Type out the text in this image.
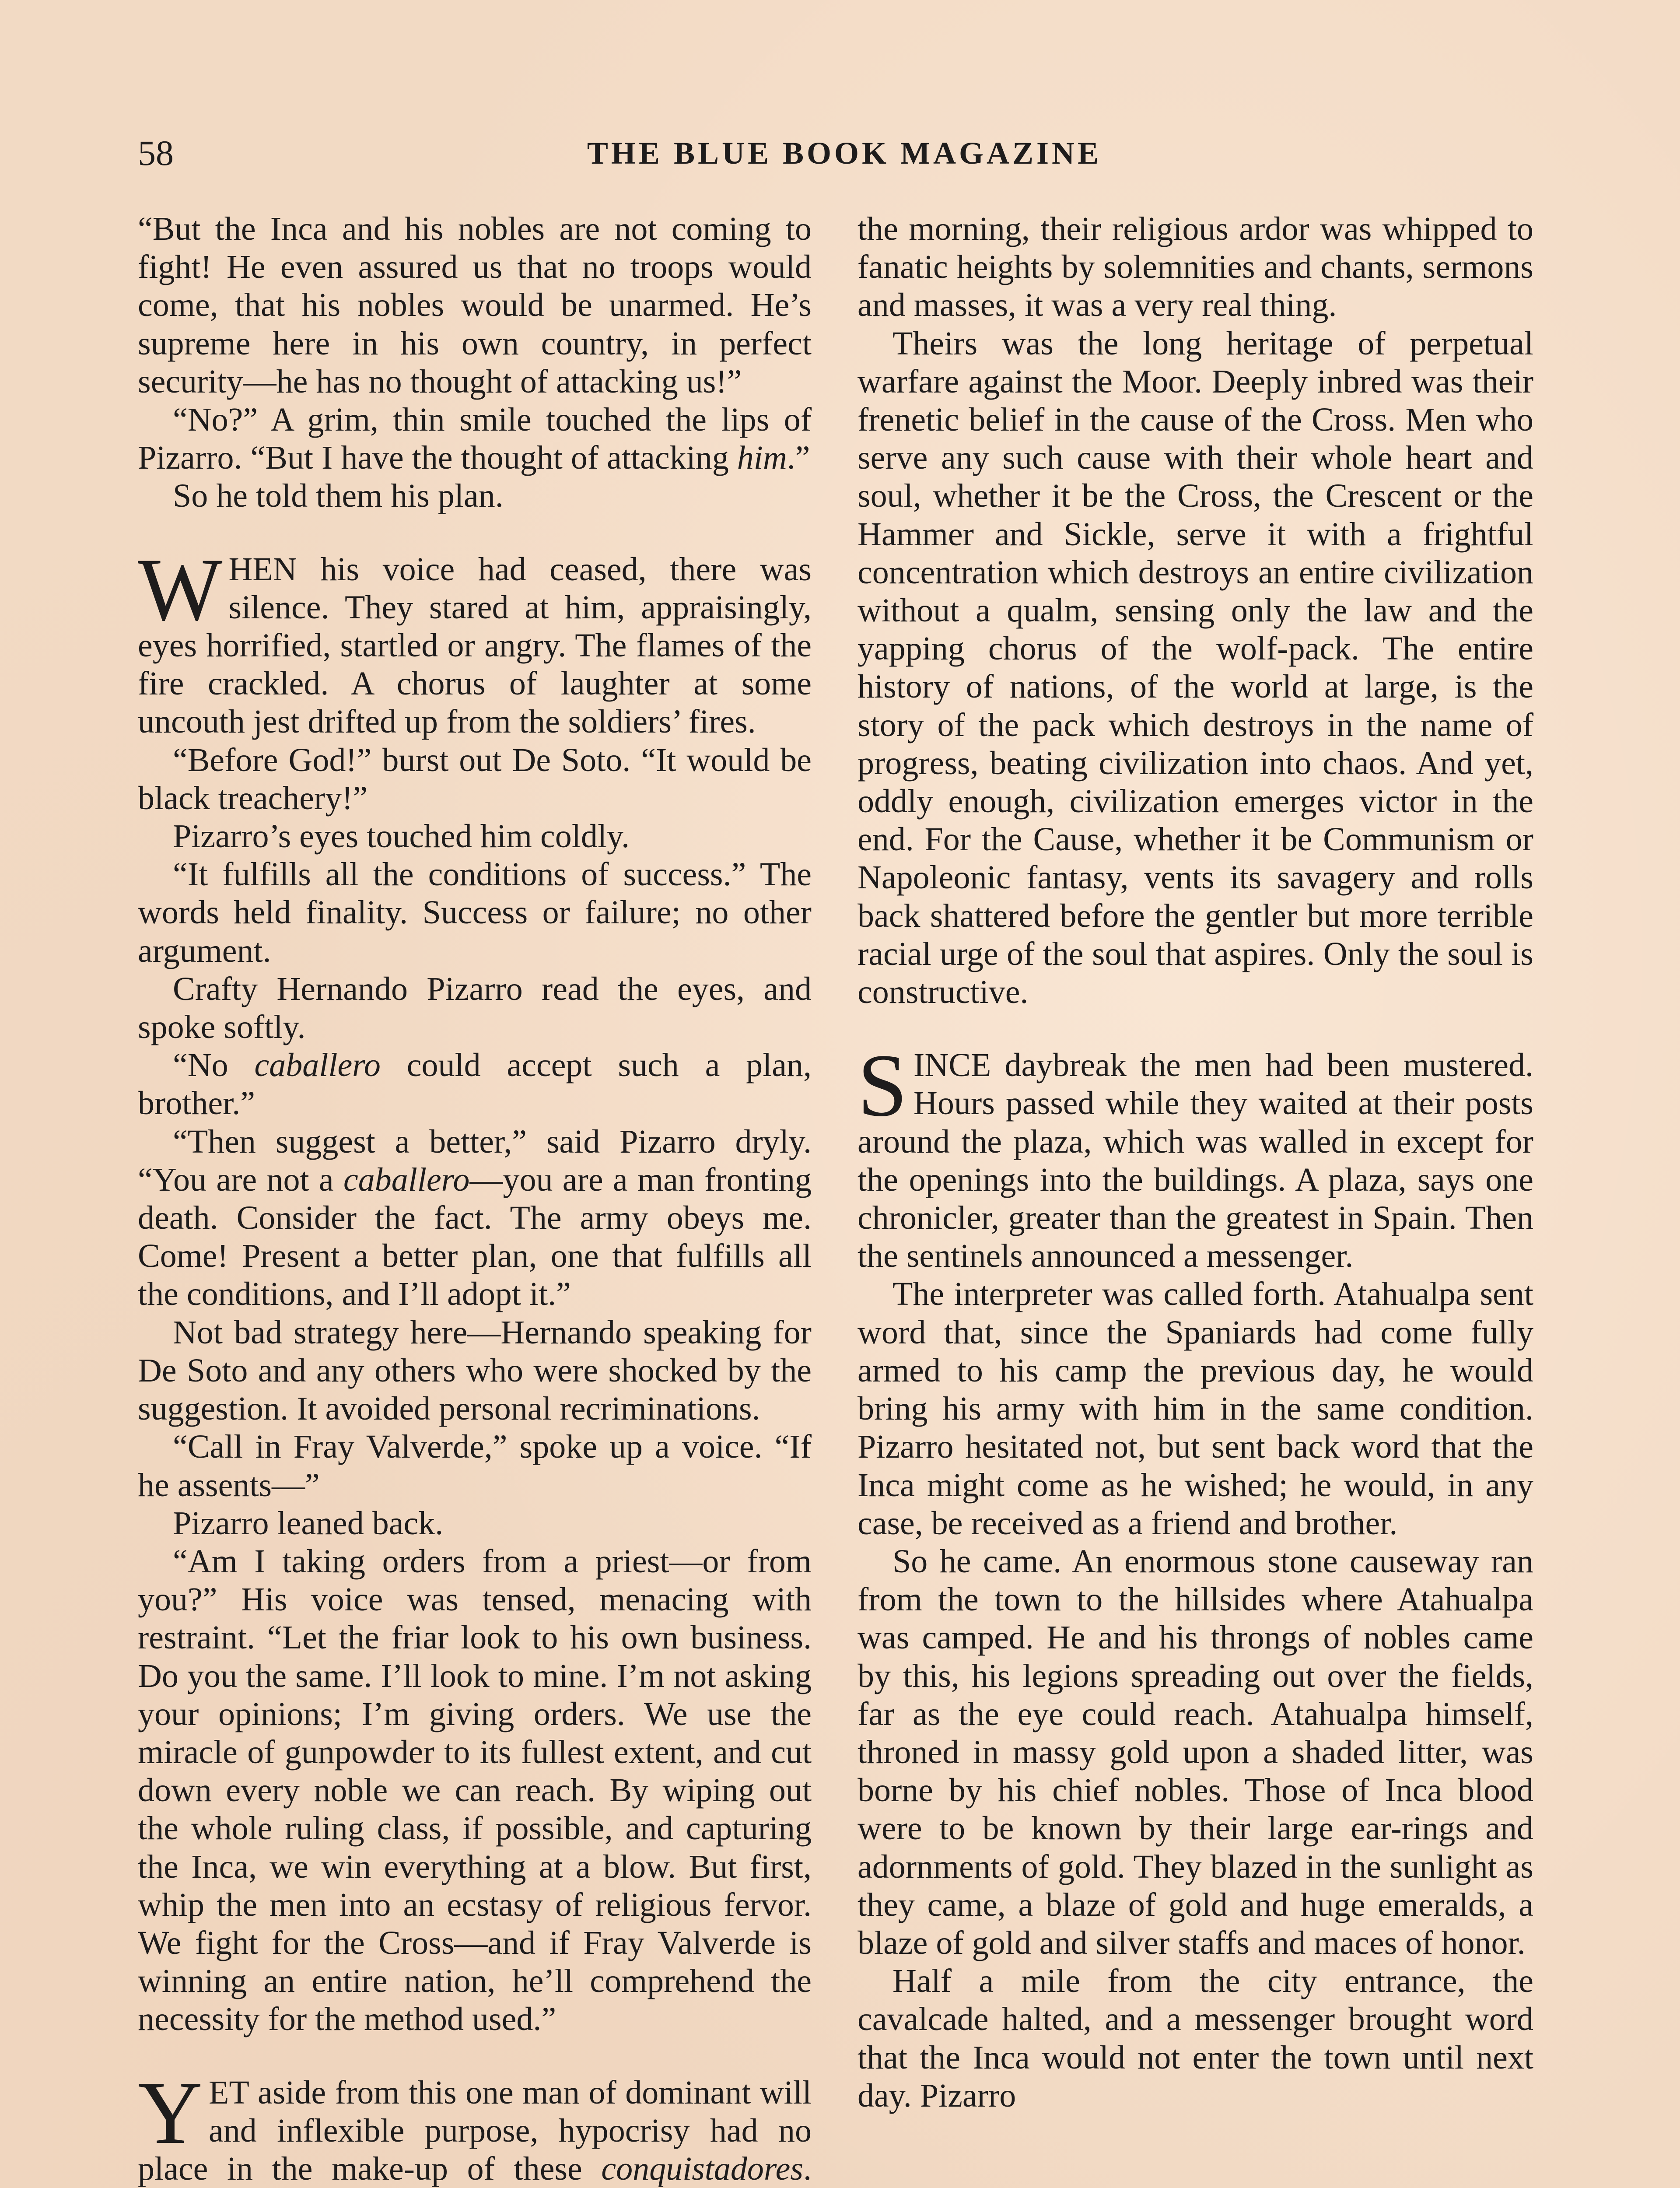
THE BLUE BOOK MAGAZINE
58

“But the Inca and his nobles are not coming to fight! He even assured us that no troops would come, that his nobles would be unarmed. He’s supreme here in his own country, in perfect security—he has no thought of attacking us!”

“No?” A grim, thin smile touched the lips of Pizarro. “But I have the thought of attacking him.”

So he told them his plan.

WHEN his voice had ceased, there was silence. They stared at him, appraisingly, eyes horrified, startled or angry. The flames of the fire crackled. A chorus of laughter at some uncouth jest drifted up from the soldiers’ fires.

“Before God!” burst out De Soto. “It would be black treachery!”

Pizarro’s eyes touched him coldly.

“It fulfills all the conditions of success.” The words held finality. Success or failure; no other argument.

Crafty Hernando Pizarro read the eyes, and spoke softly.

“No caballero could accept such a plan, brother.”

“Then suggest a better,” said Pizarro dryly. “You are not a caballero—you are a man fronting death. Consider the fact. The army obeys me. Come! Present a better plan, one that fulfills all the conditions, and I’ll adopt it.”

Not bad strategy here—Hernando speaking for De Soto and any others who were shocked by the suggestion. It avoided personal recriminations.

“Call in Fray Valverde,” spoke up a voice. “If he assents—”

Pizarro leaned back.

“Am I taking orders from a priest—or from you?” His voice was tensed, menacing with restraint. “Let the friar look to his own business. Do you the same. I’ll look to mine. I’m not asking your opinions; I’m giving orders. We use the miracle of gunpowder to its fullest extent, and cut down every noble we can reach. By wiping out the whole ruling class, if possible, and capturing the Inca, we win everything at a blow. But first, whip the men into an ecstasy of religious fervor. We fight for the Cross—and if Fray Valverde is winning an entire nation, he’ll comprehend the necessity for the method used.”

YET aside from this one man of dominant will and inflexible purpose, hypocrisy had no place in the make-up of these conquistadores.

the morning, their religious ardor was whipped to fanatic heights by solemnities and chants, sermons and masses, it was a very real thing.

Theirs was the long heritage of perpetual warfare against the Moor. Deeply inbred was their frenetic belief in the cause of the Cross. Men who serve any such cause with their whole heart and soul, whether it be the Cross, the Crescent or the Hammer and Sickle, serve it with a frightful concentration which destroys an entire civilization without a qualm, sensing only the law and the yapping chorus of the wolf-pack. The entire history of nations, of the world at large, is the story of the pack which destroys in the name of progress, beating civilization into chaos. And yet, oddly enough, civilization emerges victor in the end. For the Cause, whether it be Communism or Napoleonic fantasy, vents its savagery and rolls back shattered before the gentler but more terrible racial urge of the soul that aspires. Only the soul is constructive.

SINCE daybreak the men had been mustered. Hours passed while they waited at their posts around the plaza, which was walled in except for the openings into the buildings. A plaza, says one chronicler, greater than the greatest in Spain. Then the sentinels announced a messenger.

The interpreter was called forth. Atahualpa sent word that, since the Spaniards had come fully armed to his camp the previous day, he would bring his army with him in the same condition. Pizarro hesitated not, but sent back word that the Inca might come as he wished; he would, in any case, be received as a friend and brother.

So he came. An enormous stone causeway ran from the town to the hillsides where Atahualpa was camped. He and his throngs of nobles came by this, his legions spreading out over the fields, far as the eye could reach. Atahualpa himself, throned in massy gold upon a shaded litter, was borne by his chief nobles. Those of Inca blood were to be known by their large ear-rings and adornments of gold. They blazed in the sunlight as they came, a blaze of gold and huge emeralds, a blaze of gold and silver staffs and maces of honor.

Half a mile from the city entrance, the cavalcade halted, and a messenger brought word that the Inca would not enter the town until next day. Pizarro
